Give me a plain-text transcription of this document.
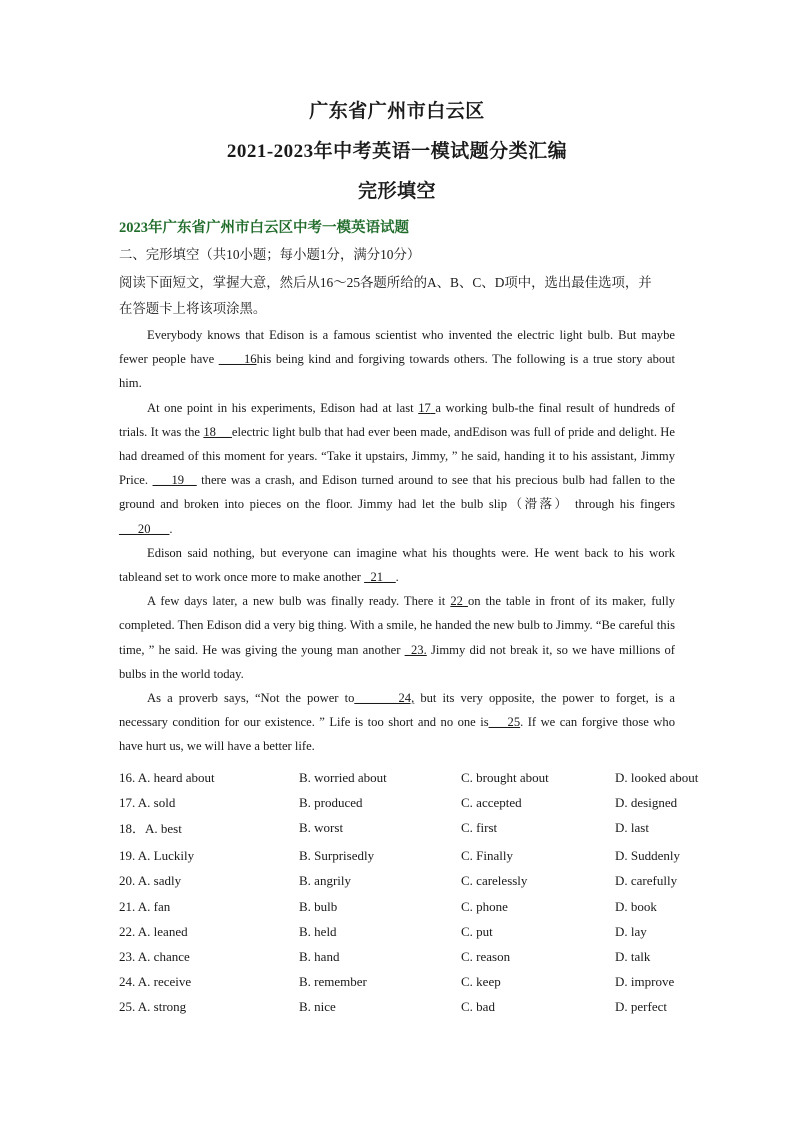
广东省广州市白云区
2021-2023年中考英语一模试题分类汇编
完形填空
2023年广东省广州市白云区中考一模英语试题
二、完形填空（共10小题；每小题1分，满分10分）
阅读下面短文，掌握大意，然后从16～25各题所给的A、B、C、D项中，选出最佳选项，并
在答题卡上将该项涂黑。

Everybody knows that Edison is a famous scientist who invented the electric light bulb. But maybe fewer people have ____16his being kind and forgiving towards others. The following is a true story about him.

At one point in his experiments, Edison had at last 17 a working bulb-the final result of hundreds of trials. It was the 18 __electric light bulb that had ever been made, andEdison was full of pride and delight. He had dreamed of this moment for years. “Take it upstairs, Jimmy, ” he said, handing it to his assistant, Jimmy Price. ___19__ there was a crash, and Edison turned around to see that his precious bulb had fallen to the ground and broken into pieces on the floor. Jimmy had let the bulb slip（滑落） through his fingers ___20___.

Edison said nothing, but everyone can imagine what his thoughts were. He went back to his work tableand set to work once more to make another _21__.

A few days later, a new bulb was finally ready. There it 22 on the table in front of its maker, fully completed. Then Edison did a very big thing. With a smile, he handed the new bulb to Jimmy. “Be careful this time, ” he said. He was giving the young man another _23. Jimmy did not break it, so we have millions of bulbs in the world today.

As a proverb says, “Not the power to_______24, but its very opposite, the power to forget, is a necessary condition for our existence. ” Life is too short and no one is___25. If we can forgive those who have hurt us, we will have a better life.

16. A. heard about	B. worried about	C. brought about	D. looked about
17. A. sold	B. produced	C. accepted	D. designed
18．A. best	B. worst	C. first	D. last
19. A. Luckily	B. Surprisedly	C. Finally	D. Suddenly
20. A. sadly	B. angrily	C. carelessly	D. carefully
21. A. fan	B. bulb	C. phone	D. book
22. A. leaned	B. held	C. put	D. lay
23. A. chance	B. hand	C. reason	D. talk
24. A. receive	B. remember	C. keep	D. improve
25. A. strong	B. nice	C. bad	D. perfect
